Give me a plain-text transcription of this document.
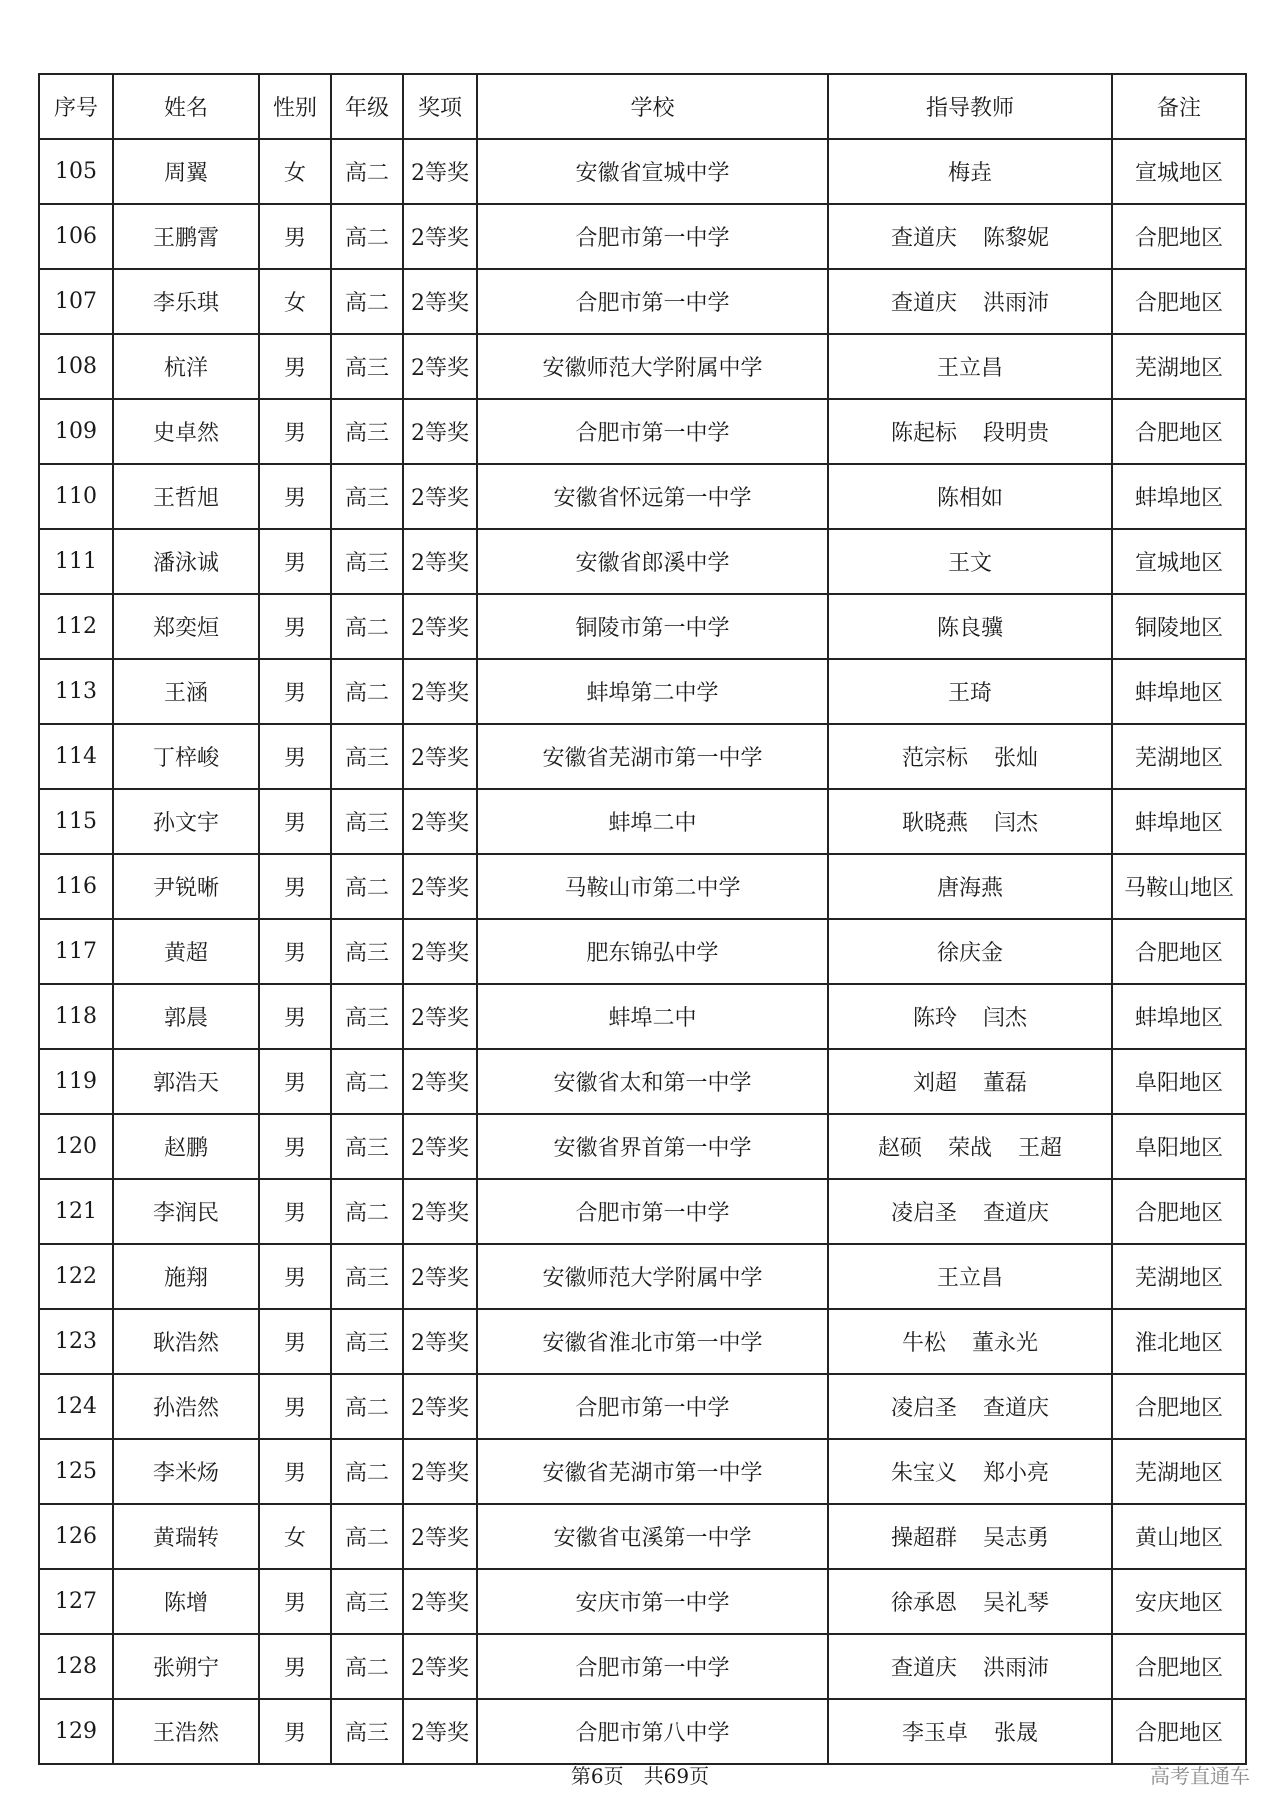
序号	姓名	性别	年级	奖项	学校	指导教师	备注
105	周翼	女	高二	2等奖	安徽省宣城中学	梅垚	宣城地区
106	王鹏霄	男	高二	2等奖	合肥市第一中学	查道庆 陈黎妮	合肥地区
107	李乐琪	女	高二	2等奖	合肥市第一中学	查道庆 洪雨沛	合肥地区
108	杭洋	男	高三	2等奖	安徽师范大学附属中学	王立昌	芜湖地区
109	史卓然	男	高三	2等奖	合肥市第一中学	陈起标 段明贵	合肥地区
110	王哲旭	男	高三	2等奖	安徽省怀远第一中学	陈相如	蚌埠地区
111	潘泳诚	男	高三	2等奖	安徽省郎溪中学	王文	宣城地区
112	郑奕烜	男	高二	2等奖	铜陵市第一中学	陈良骥	铜陵地区
113	王涵	男	高二	2等奖	蚌埠第二中学	王琦	蚌埠地区
114	丁梓峻	男	高三	2等奖	安徽省芜湖市第一中学	范宗标 张灿	芜湖地区
115	孙文宇	男	高三	2等奖	蚌埠二中	耿晓燕 闫杰	蚌埠地区
116	尹锐晰	男	高二	2等奖	马鞍山市第二中学	唐海燕	马鞍山地区
117	黄超	男	高三	2等奖	肥东锦弘中学	徐庆金	合肥地区
118	郭晨	男	高三	2等奖	蚌埠二中	陈玲 闫杰	蚌埠地区
119	郭浩天	男	高二	2等奖	安徽省太和第一中学	刘超 董磊	阜阳地区
120	赵鹏	男	高三	2等奖	安徽省界首第一中学	赵硕 荣战 王超	阜阳地区
121	李润民	男	高二	2等奖	合肥市第一中学	凌启圣 查道庆	合肥地区
122	施翔	男	高三	2等奖	安徽师范大学附属中学	王立昌	芜湖地区
123	耿浩然	男	高三	2等奖	安徽省淮北市第一中学	牛松 董永光	淮北地区
124	孙浩然	男	高二	2等奖	合肥市第一中学	凌启圣 查道庆	合肥地区
125	李米炀	男	高二	2等奖	安徽省芜湖市第一中学	朱宝义 郑小亮	芜湖地区
126	黄瑞转	女	高二	2等奖	安徽省屯溪第一中学	操超群 吴志勇	黄山地区
127	陈增	男	高三	2等奖	安庆市第一中学	徐承恩 吴礼琴	安庆地区
128	张朔宁	男	高二	2等奖	合肥市第一中学	查道庆 洪雨沛	合肥地区
129	王浩然	男	高三	2等奖	合肥市第八中学	李玉卓 张晟	合肥地区
第6页 共69页	高考直通车
